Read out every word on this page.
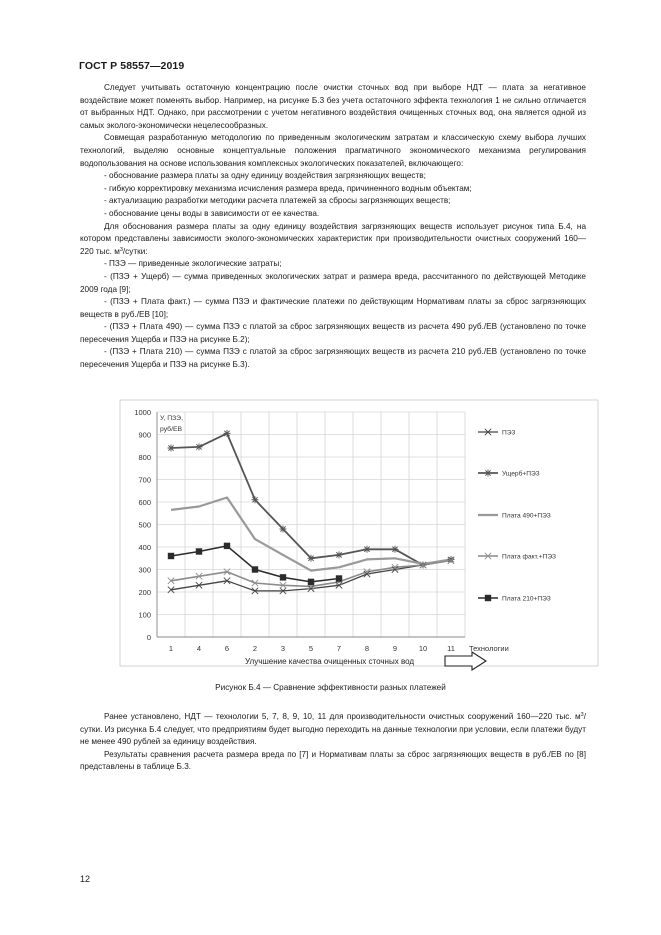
ГОСТ Р 58557—2019

Следует учитывать остаточную концентрацию после очистки сточных вод при выборе НДТ — плата за негативное воздействие может поменять выбор. Например, на рисунке Б.3 без учета остаточного эффекта технология 1 не сильно отличается от выбранных НДТ. Однако, при рассмотрении с учетом негативного воздействия очищенных сточных вод, она является одной из самых эколого-экономически нецелесообразных.

Совмещая разработанную методологию по приведенным экологическим затратам и классическую схему выбора лучших технологий, выделяю основные концептуальные положения прагматичного экономического механизма регулирования водопользования на основе использования комплексных экологических показателей, включающего:

- обоснование размера платы за одну единицу воздействия загрязняющих веществ;

- гибкую корректировку механизма исчисления размера вреда, причиненного водным объектам;

- актуализацию разработки методики расчета платежей за сбросы загрязняющих веществ;

- обоснование цены воды в зависимости от ее качества.

Для обоснования размера платы за одну единицу воздействия загрязняющих веществ использует рисунок типа Б.4, на котором представлены зависимости эколого-экономических характеристик при производительности очистных сооружений 160—220 тыс. $м^3$/сутки:

- ПЗЭ — приведенные экологические затраты;

- (ПЗЭ + Ущерб) — сумма приведенных экологических затрат и размера вреда, рассчитанного по действующей Методике 2009 года [9];

- (ПЗЭ + Плата факт.) — сумма ПЗЭ и фактические платежи по действующим Нормативам платы за сброс загрязняющих веществ в руб./ЕВ [10];

- (ПЗЭ + Плата 490) — сумма ПЗЭ с платой за сброс загрязняющих веществ из расчета 490 руб./ЕВ (установлено по точке пересечения Ущерба и ПЗЭ на рисунке Б.2);

- (ПЗЭ + Плата 210) — сумма ПЗЭ с платой за сброс загрязняющих веществ из расчета 210 руб./ЕВ (установлено по точке пересечения Ущерба и ПЗЭ на рисунке Б.3).

0
100
200
300
400
500
600
700
800
900
1000
1	4	6	2	3	5	7	8	9	10	11 Технологии
У, ПЗЭ,
руб/ЕВ	ПЭЗ
Ущерб+ПЭЗ
Плата 490+ПЭЗ
Плата факт.+ПЭЗ
Плата 210+ПЭЗ
Улучшение качества очищенных сточных вод
Рисунок Б.4 — Сравнение эффективности разных платежей

Ранее установлено, НДТ — технологии 5, 7, 8, 9, 10, 11 для производительности очистных сооружений 160—220 тыс. $м^3$/сутки. Из рисунка Б.4 следует, что предприятиям будет выгодно переходить на данные технологии при условии, если платежи будут не менее 490 рублей за единицу воздействия.

Результаты сравнения расчета размера вреда по [7] и Нормативам платы за сброс загрязняющих веществ в руб./ЕВ по [8] представлены в таблице Б.3.

12
